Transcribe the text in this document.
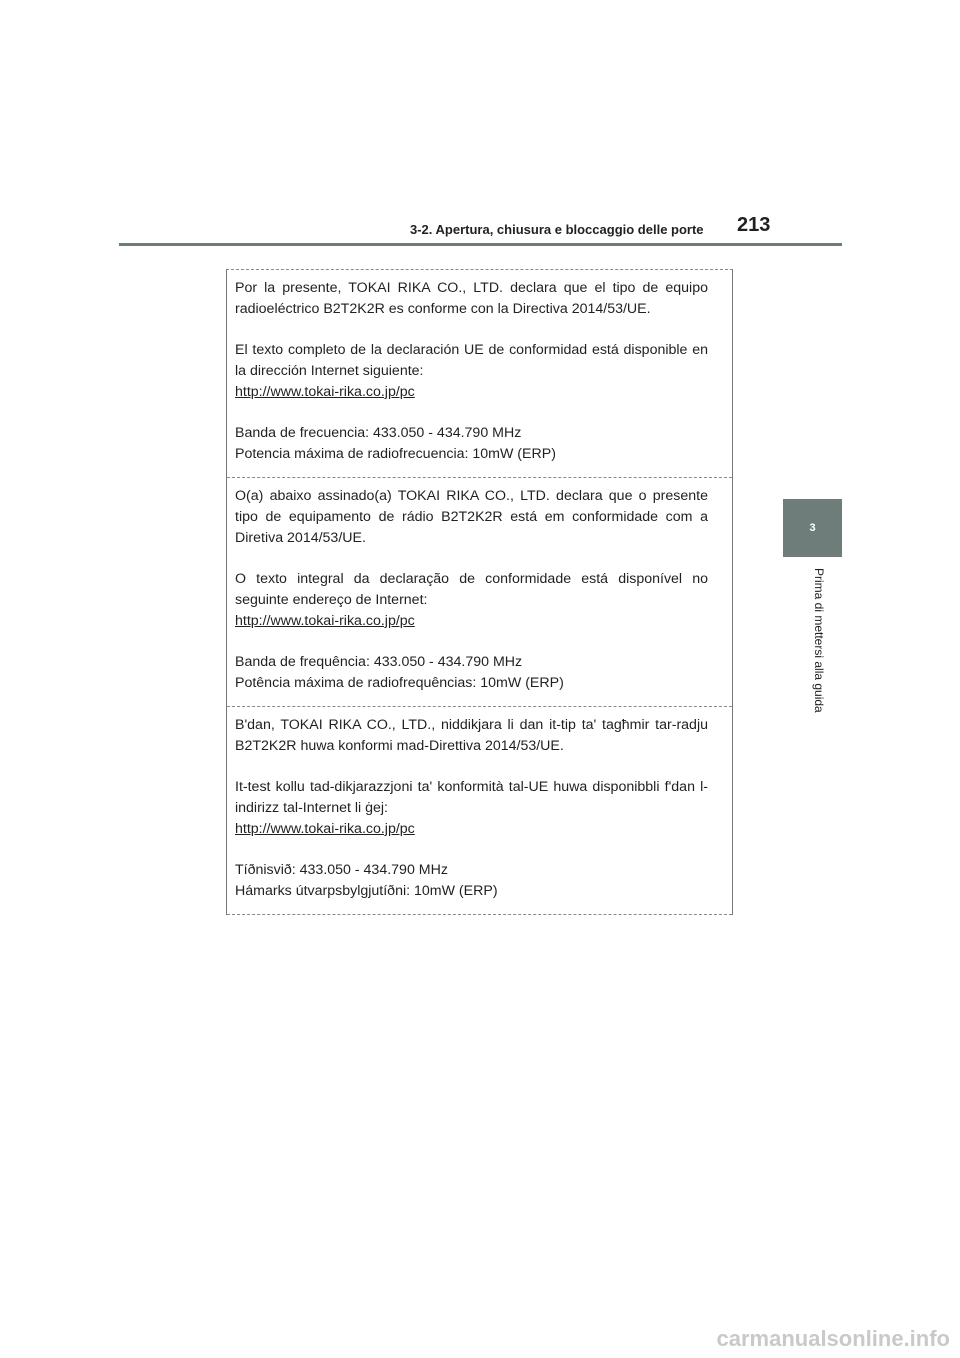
3-2. Apertura, chiusura e bloccaggio delle porte 213
3
Prima di mettersi alla guida

Por la presente, TOKAI RIKA CO., LTD. declara que el tipo de equipo radioeléctrico B2T2K2R es conforme con la Directiva 2014/53/UE.

El texto completo de la declaración UE de conformidad está disponible en la dirección Internet siguiente:

http://www.tokai-rika.co.jp/pc

Banda de frecuencia: 433.050 - 434.790 MHz
Potencia máxima de radiofrecuencia: 10mW (ERP)

O(a) abaixo assinado(a) TOKAI RIKA CO., LTD. declara que o presente tipo de equipamento de rádio B2T2K2R está em conformidade com a Diretiva 2014/53/UE.

O texto integral da declaração de conformidade está disponível no seguinte endereço de Internet:

http://www.tokai-rika.co.jp/pc

Banda de frequência: 433.050 - 434.790 MHz
Potência máxima de radiofrequências: 10mW (ERP)

B'dan, TOKAI RIKA CO., LTD., niddikjara li dan it-tip ta' tagħmir tar-radju B2T2K2R huwa konformi mad-Direttiva 2014/53/UE.

It-test kollu tad-dikjarazzjoni ta' konformità tal-UE huwa disponibbli f'dan l-indirizz tal-Internet li ġej:

http://www.tokai-rika.co.jp/pc

Tíðnisvið: 433.050 - 434.790 MHz
Hámarks útvarpsbylgjutíðni: 10mW (ERP)

carmanualsonline.info
